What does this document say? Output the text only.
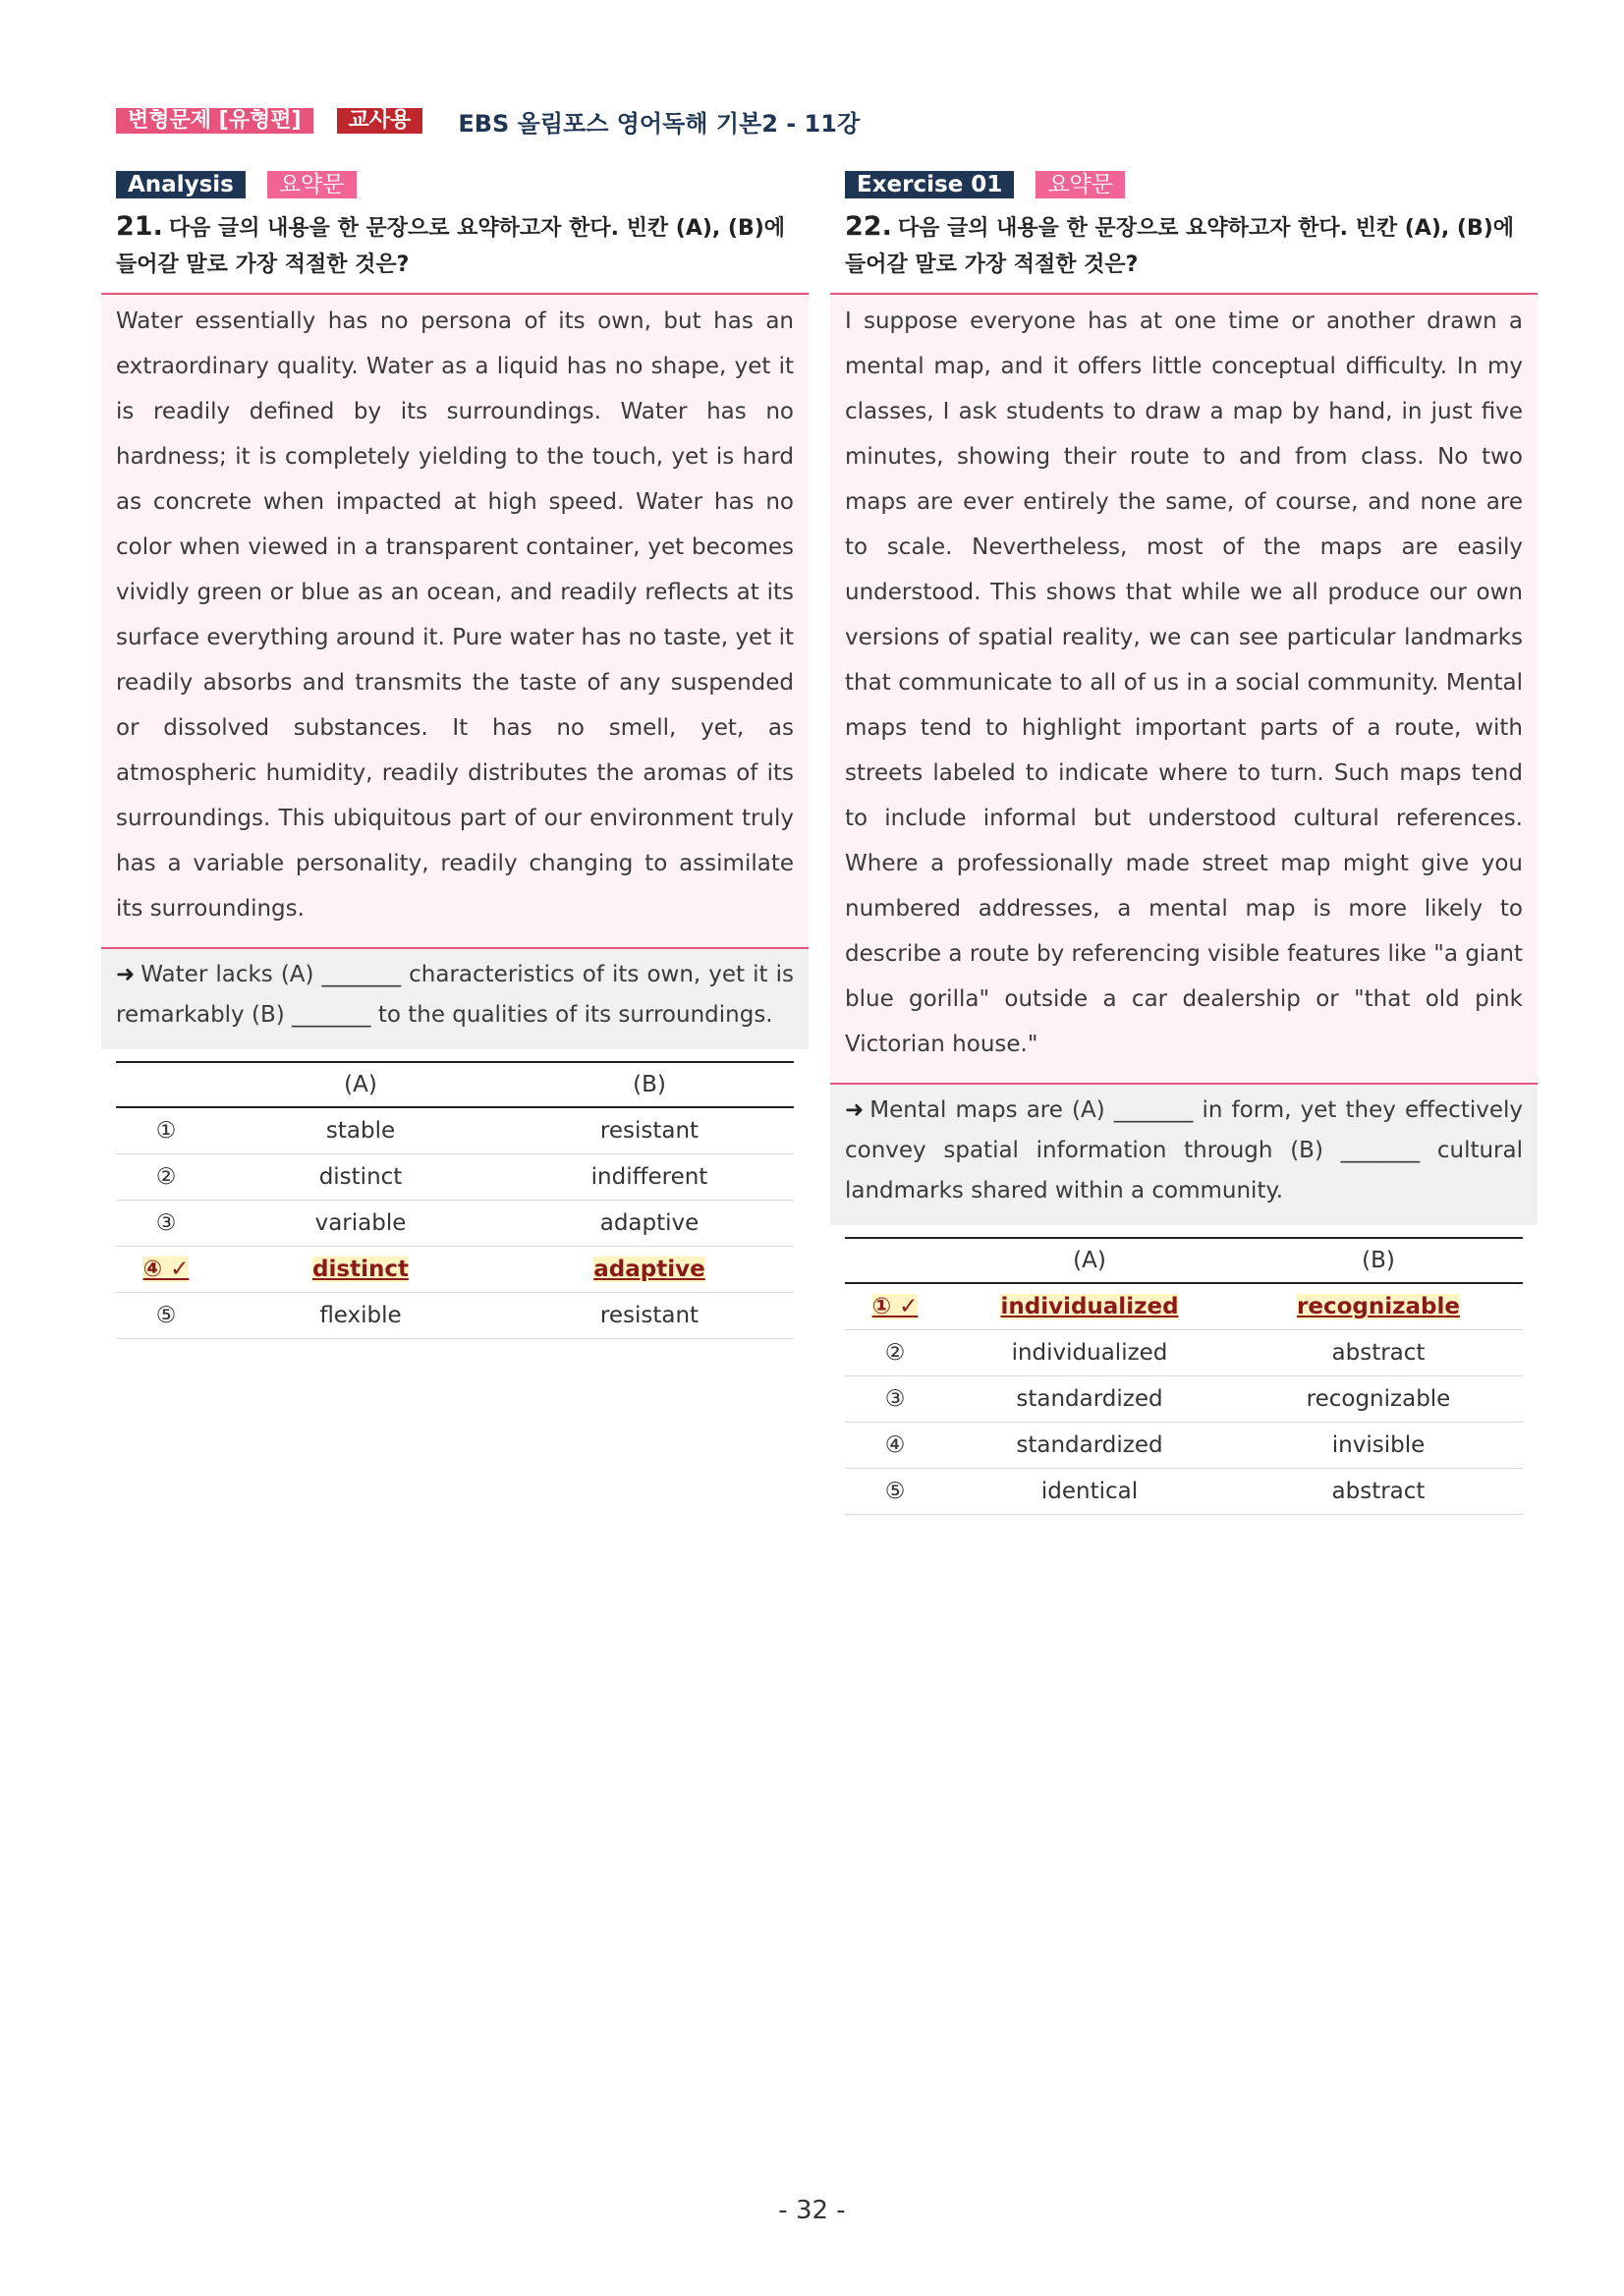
변형문제 [유형편]	교사용	EBS 올림포스 영어독해 기본2 - 11강
Analysis	요약문
21. 다음 글의 내용을 한 문장으로 요약하고자 한다. 빈칸 (A), (B)에 들어갈 말로 가장 적절한 것은?
Water essentially has no persona of its own, but has an extraordinary quality. Water as a liquid has no shape, yet it is readily defined by its surroundings. Water has no hardness; it is completely yielding to the touch, yet is hard as concrete when impacted at high speed. Water has no color when viewed in a transparent container, yet becomes vividly green or blue as an ocean, and readily reflects at its surface everything around it. Pure water has no taste, yet it readily absorbs and transmits the taste of any suspended or dissolved substances. It has no smell, yet, as atmospheric humidity, readily distributes the aromas of its surroundings. This ubiquitous part of our environment truly has a variable personality, readily changing to assimilate its surroundings.
➜ Water lacks (A) _______ characteristics of its own, yet it is remarkably (B) _______ to the qualities of its surroundings.
	(A)	(B)
①	stable	resistant
②	distinct	indifferent
③	variable	adaptive
④ ✓	distinct	adaptive
⑤	flexible	resistant
Exercise 01	요약문
22. 다음 글의 내용을 한 문장으로 요약하고자 한다. 빈칸 (A), (B)에 들어갈 말로 가장 적절한 것은?
I suppose everyone has at one time or another drawn a mental map, and it offers little conceptual difficulty. In my classes, I ask students to draw a map by hand, in just five minutes, showing their route to and from class. No two maps are ever entirely the same, of course, and none are to scale. Nevertheless, most of the maps are easily understood. This shows that while we all produce our own versions of spatial reality, we can see particular landmarks that communicate to all of us in a social community. Mental maps tend to highlight important parts of a route, with streets labeled to indicate where to turn. Such maps tend to include informal but understood cultural references. Where a professionally made street map might give you numbered addresses, a mental map is more likely to describe a route by referencing visible features like "a giant blue gorilla" outside a car dealership or "that old pink Victorian house."
➜ Mental maps are (A) _______ in form, yet they effectively convey spatial information through (B) _______ cultural landmarks shared within a community.
	(A)	(B)
① ✓	individualized	recognizable
②	individualized	abstract
③	standardized	recognizable
④	standardized	invisible
⑤	identical	abstract
- 32 -
